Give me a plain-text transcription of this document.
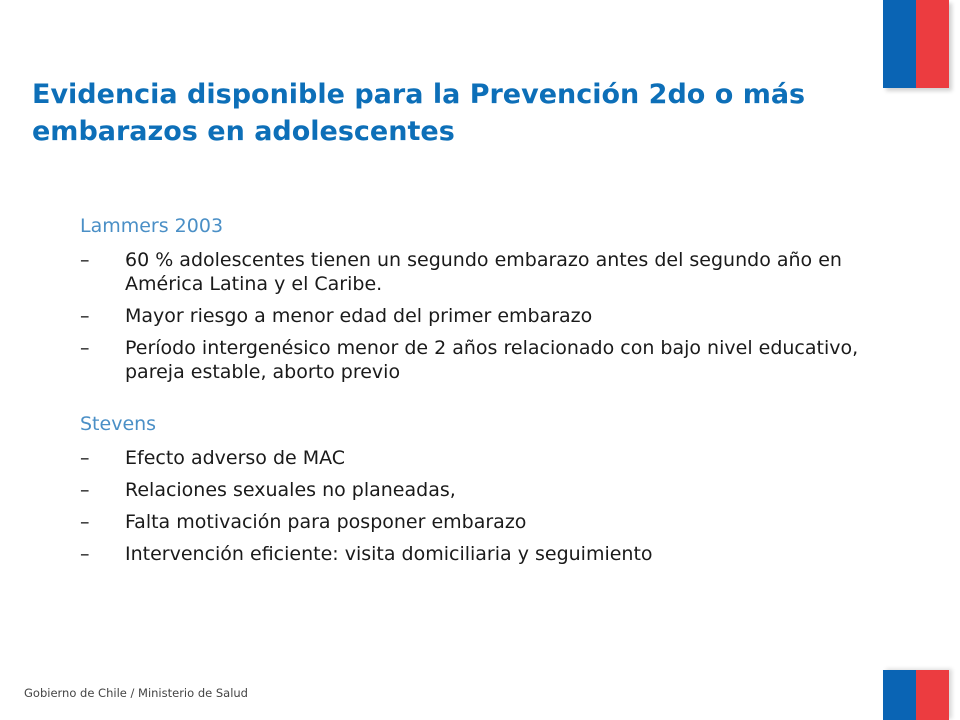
Evidencia disponible para la Prevención 2do o más embarazos en adolescentes
Lammers 2003
– 60 % adolescentes tienen un segundo embarazo antes del segundo año en América Latina y el Caribe.
– Mayor riesgo a menor edad del primer embarazo
– Período intergenésico menor de 2 años relacionado con bajo nivel educativo, pareja estable, aborto previo
Stevens
– Efecto adverso de MAC
– Relaciones sexuales no planeadas,
– Falta motivación para posponer embarazo
– Intervención eficiente: visita domiciliaria y seguimiento
Gobierno de Chile / Ministerio de Salud
